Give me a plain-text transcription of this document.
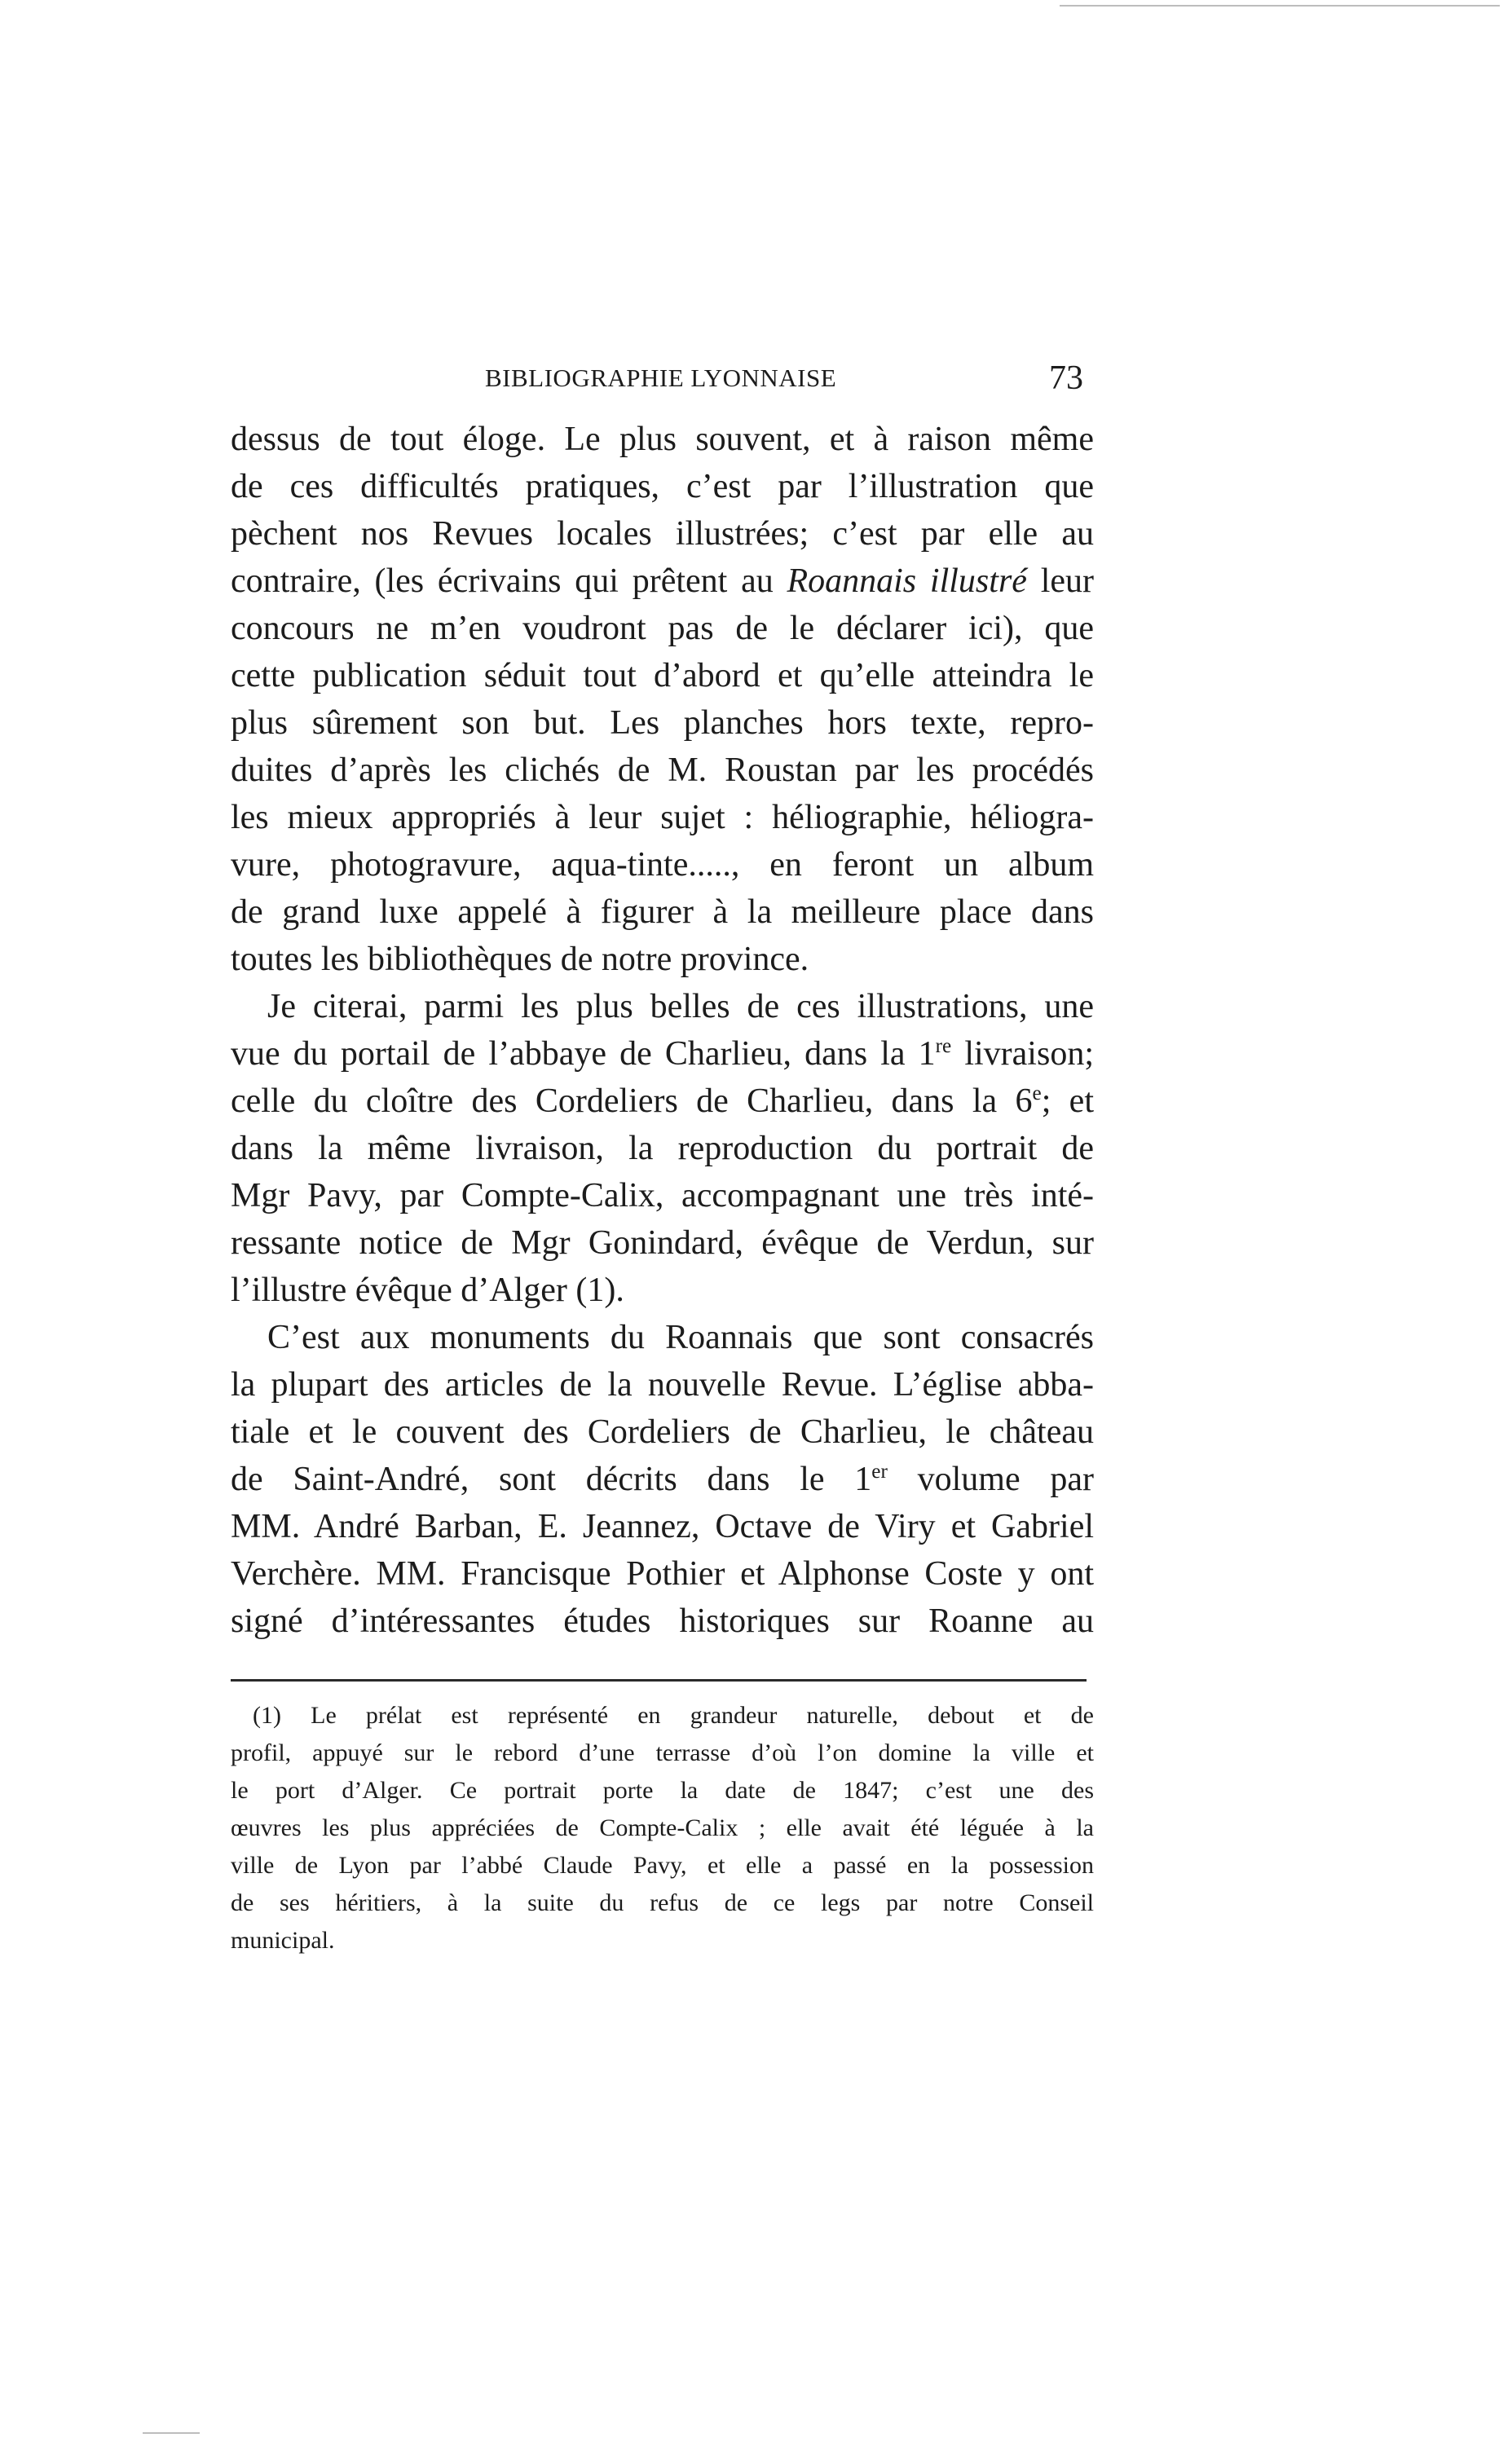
BIBLIOGRAPHIE LYONNAISE	73
dessus de tout éloge. Le plus souvent, et à raison même
de ces difficultés pratiques, c’est par l’illustration que
pèchent nos Revues locales illustrées; c’est par elle au
contraire, (les écrivains qui prêtent au Roannais illustré leur
concours ne m’en voudront pas de le déclarer ici), que
cette publication séduit tout d’abord et qu’elle atteindra le
plus sûrement son but. Les planches hors texte, repro-
duites d’après les clichés de M. Roustan par les procédés
les mieux appropriés à leur sujet : héliographie, héliogra-
vure, photogravure, aqua-tinte....., en feront un album
de grand luxe appelé à figurer à la meilleure place dans
toutes les bibliothèques de notre province.
Je citerai, parmi les plus belles de ces illustrations, une
vue du portail de l’abbaye de Charlieu, dans la 1re livraison;
celle du cloître des Cordeliers de Charlieu, dans la 6e; et
dans la même livraison, la reproduction du portrait de
Mgr Pavy, par Compte-Calix, accompagnant une très inté-
ressante notice de Mgr Gonindard, évêque de Verdun, sur
l’illustre évêque d’Alger (1).
C’est aux monuments du Roannais que sont consacrés
la plupart des articles de la nouvelle Revue. L’église abba-
tiale et le couvent des Cordeliers de Charlieu, le château
de Saint-André, sont décrits dans le 1er volume par
MM. André Barban, E. Jeannez, Octave de Viry et Gabriel
Verchère. MM. Francisque Pothier et Alphonse Coste y ont
signé d’intéressantes études historiques sur Roanne au
(1) Le prélat est représenté en grandeur naturelle, debout et de
profil, appuyé sur le rebord d’une terrasse d’où l’on domine la ville et
le port d’Alger. Ce portrait porte la date de 1847; c’est une des
œuvres les plus appréciées de Compte-Calix ; elle avait été léguée à la
ville de Lyon par l’abbé Claude Pavy, et elle a passé en la possession
de ses héritiers, à la suite du refus de ce legs par notre Conseil
municipal.
